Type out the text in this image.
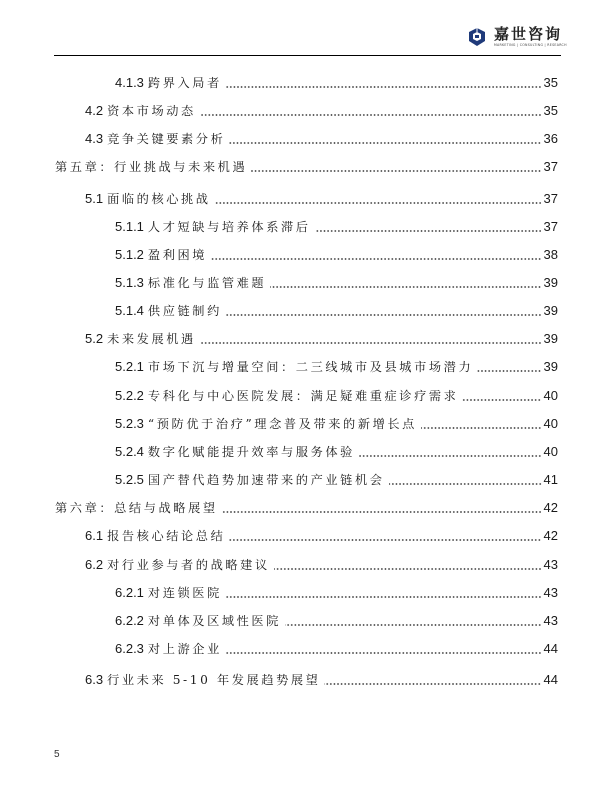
嘉世咨询
MARKETING | CONSULTING | RESEARCH
4.1.3 跨界入局者	35
4.2 资本市场动态	35
4.3 竞争关键要素分析	36
第五章：行业挑战与未来机遇	37
5.1 面临的核心挑战	37
5.1.1 人才短缺与培养体系滞后	37
5.1.2 盈利困境	38
5.1.3 标准化与监管难题	39
5.1.4 供应链制约	39
5.2 未来发展机遇	39
5.2.1 市场下沉与增量空间：二三线城市及县城市场潜力	39
5.2.2 专科化与中心医院发展：满足疑难重症诊疗需求	40
5.2.3 “预防优于治疗”理念普及带来的新增长点	40
5.2.4 数字化赋能提升效率与服务体验	40
5.2.5 国产替代趋势加速带来的产业链机会	41
第六章：总结与战略展望	42
6.1 报告核心结论总结	42
6.2 对行业参与者的战略建议	43
6.2.1 对连锁医院	43
6.2.2 对单体及区域性医院	43
6.2.3 对上游企业	44
6.3 行业未来 5-10 年发展趋势展望	44
5
